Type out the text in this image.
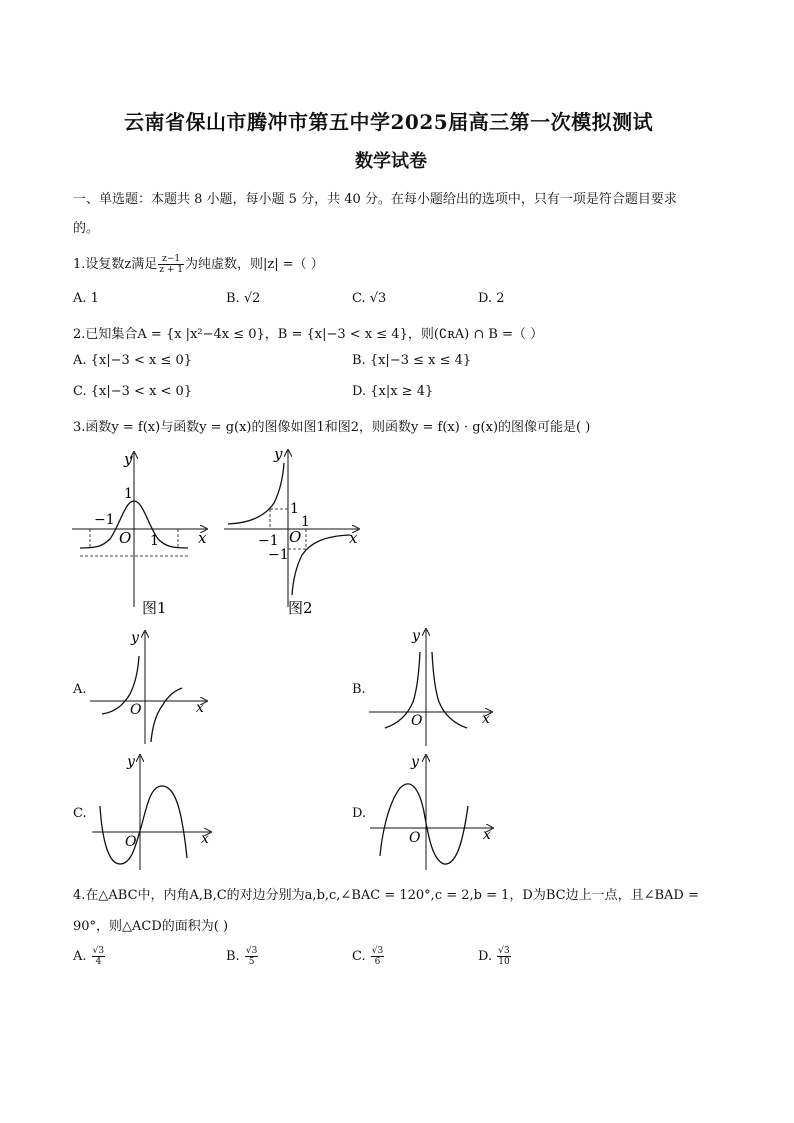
云南省保山市腾冲市第五中学2025届高三第一次模拟测试
数学试卷
一、单选题：本题共 8 小题，每小题 5 分，共 40 分。在每小题给出的选项中，只有一项是符合题目要求
的。
1.设复数z满足 $\frac{z-1}{z + 1}$ 为纯虚数，则|z| =（ ）
A. 1	B. √2	C. √3	D. 2
2.已知集合A = {x |x²−4x ≤ 0}，B = {x|−3 < x ≤ 4}，则(∁ʀA) ∩ B =（ ）
A. {x|−3 < x ≤ 0}	B. {x|−3 ≤ x ≤ 4}
C. {x|−3 < x < 0}	D. {x|x ≥ 4}
3.函数y = f(x)与函数y = g(x)的图像如图1和图2，则函数y = f(x) · g(x)的图像可能是( )
y
x
O
1
−1
1
图1
y
x
O
1
−1
1
−1
图2
A.
y
x
O
B.
y
x
O
C.
y
x
O
D.
y
x
O
4.在△ABC中，内角A,B,C的对边分别为a,b,c,∠BAC = 120°,c = 2,b = 1，D为BC边上一点，且∠BAD =
90°，则△ACD的面积为( )
A. $\frac{√3}{4}$	B. $\frac{√3}{5}$	C. $\frac{√3}{6}$	D. $\frac{√3}{10}$
